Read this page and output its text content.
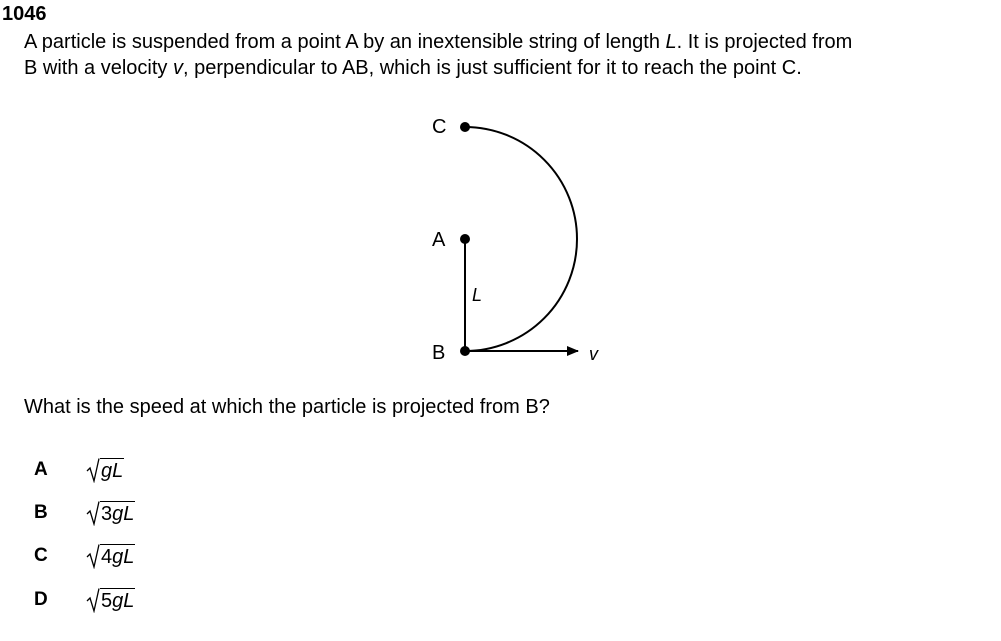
1046
A particle is suspended from a point A by an inextensible string of length L. It is projected from
B with a velocity v, perpendicular to AB, which is just sufficient for it to reach the point C.
C
A
B
L
v
What is the speed at which the particle is projected from B?
A	gL
B	3gL
C	4gL
D	5gL
